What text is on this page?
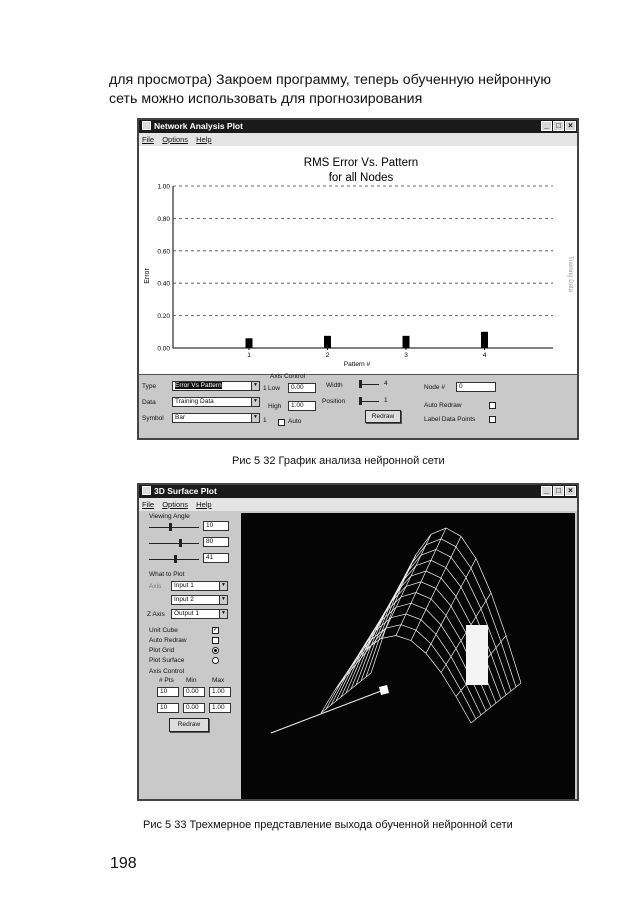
для просмотра) Закроем программу, теперь обученную нейронную
сеть можно использовать для прогнозирования
Network Analysis Plot	_ □ ×
File Options Help
RMS Error Vs. Pattern
for all Nodes
Error
Pattern #
Training Data
1.00
0.80
0.60
0.40
0.20
0.00
1	2	3	4
Type	Error Vs Pattern	▼
Data	Training Data	▼
Symbol	Bar	▼
Axis Control
1 Low	0.00
High	1.00
1	Auto
Width	4
Position	1
Redraw
Node #	0
Auto Redraw
Label Data Points
Рис 5 32 График анализа нейронной сети
3D Surface Plot	_ □ ×
File Options Help
Viewing Angle
10
80
41
What to Plot
Axis	Input 1	▼
Input 2	▼
Z Axis	Output 1	▼
Unit Cube	✓
Auto Redraw
Plot Grid
Plot Surface
Axis Control
# Pts Min Max
10	0.00	1.00
10	0.00	1.00
Redraw
Рис 5 33 Трехмерное представление выхода обученной нейронной сети
198
